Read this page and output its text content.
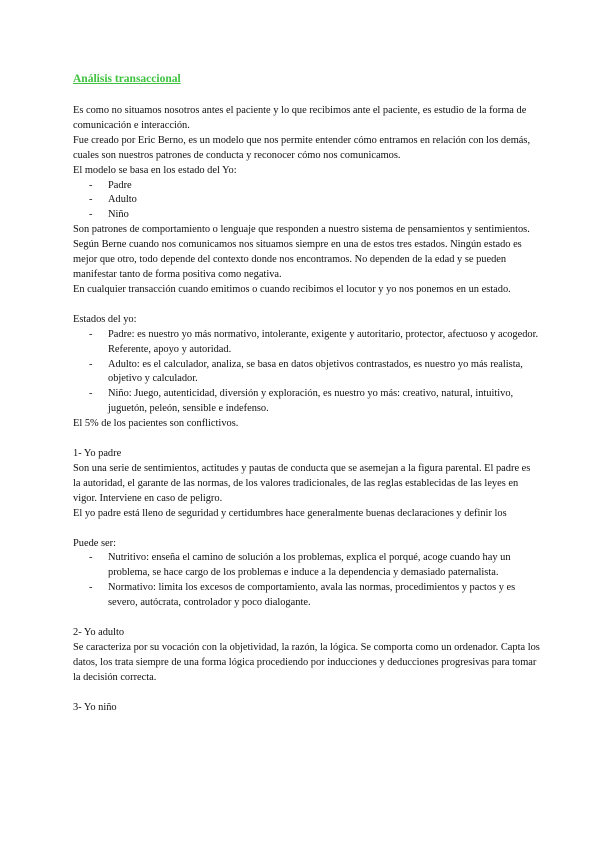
Análisis transaccional

Es como no situamos nosotros antes el paciente y lo que recibimos ante el paciente, es estudio de la forma de comunicación e interacción.

Fue creado por Eric Berno, es un modelo que nos permite entender cómo entramos en relación con los demás, cuales son nuestros patrones de conducta y reconocer cómo nos comunicamos.

El modelo se basa en los estado del Yo:

- Padre
- Adulto
- Niño

Son patrones de comportamiento o lenguaje que responden a nuestro sistema de pensamientos y sentimientos.

Según Berne cuando nos comunicamos nos situamos siempre en una de estos tres estados. Ningún estado es mejor que otro, todo depende del contexto donde nos encontramos. No dependen de la edad y se pueden manifestar tanto de forma positiva como negativa.

En cualquier transacción cuando emitimos o cuando recibimos el locutor y yo nos ponemos en un estado.

Estados del yo:

- Padre: es nuestro yo más normativo, intolerante, exigente y autoritario, protector, afectuoso y acogedor. Referente, apoyo y autoridad.
- Adulto: es el calculador, analiza, se basa en datos objetivos contrastados, es nuestro yo más realista, objetivo y calculador.
- Niño: Juego, autenticidad, diversión y exploración, es nuestro yo más: creativo, natural, intuitivo, juguetón, peleón, sensible e indefenso.

El 5% de los pacientes son conflictivos.

1- Yo padre

Son una serie de sentimientos, actitudes y pautas de conducta que se asemejan a la figura parental. El padre es la autoridad, el garante de las normas, de los valores tradicionales, de las reglas establecidas de las leyes en vigor. Interviene en caso de peligro.

El yo padre está lleno de seguridad y certidumbres hace generalmente buenas declaraciones y definir los

Puede ser:

- Nutritivo: enseña el camino de solución a los problemas, explica el porqué, acoge cuando hay un problema, se hace cargo de los problemas e induce a la dependencia y demasiado paternalista.
- Normativo: limita los excesos de comportamiento, avala las normas, procedimientos y pactos y es severo, autócrata, controlador y poco dialogante.

2- Yo adulto

Se caracteriza por su vocación con la objetividad, la razón, la lógica. Se comporta como un ordenador. Capta los datos, los trata siempre de una forma lógica procediendo por inducciones y deducciones progresivas para tomar la decisión correcta.

3- Yo niño
